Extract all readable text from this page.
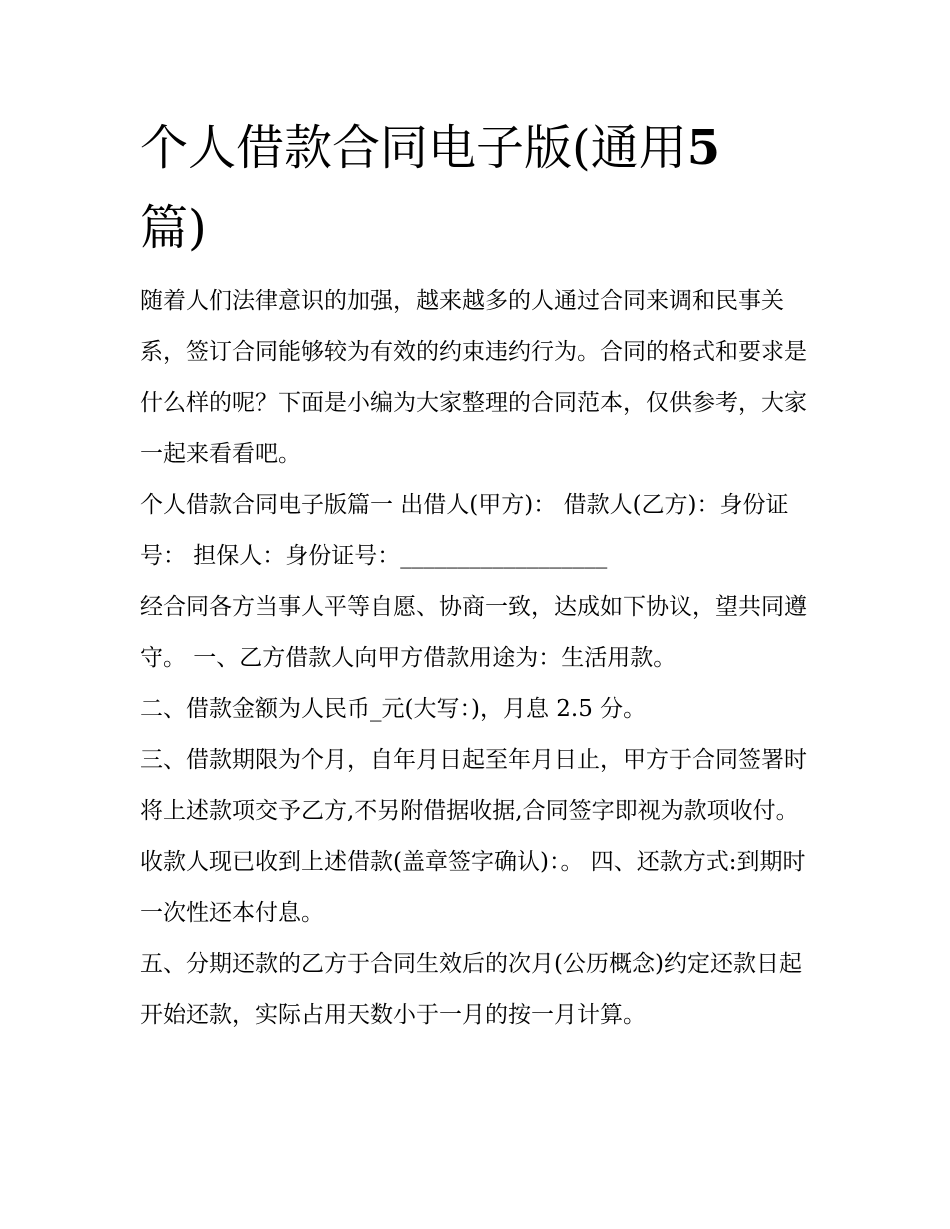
个人借款合同电子版(通用5
篇)

随着人们法律意识的加强，越来越多的人通过合同来调和民事关系，签订合同能够较为有效的约束违约行为。合同的格式和要求是什么样的呢？下面是小编为大家整理的合同范本，仅供参考，大家一起来看看吧。

个人借款合同电子版篇一 出借人(甲方)： 借款人(乙方)：身份证号： 担保人：身份证号：__________________

经合同各方当事人平等自愿、协商一致，达成如下协议，望共同遵守。 一、乙方借款人向甲方借款用途为：生活用款。

二、借款金额为人民币_元(大写：)，月息 2.5 分。

三、借款期限为个月，自年月日起至年月日止，甲方于合同签署时将上述款项交予乙方,不另附借据收据,合同签字即视为款项收付。

收款人现已收到上述借款(盖章签字确认)：。 四、还款方式:到期时一次性还本付息。

五、分期还款的乙方于合同生效后的次月(公历概念)约定还款日起开始还款，实际占用天数小于一月的按一月计算。
